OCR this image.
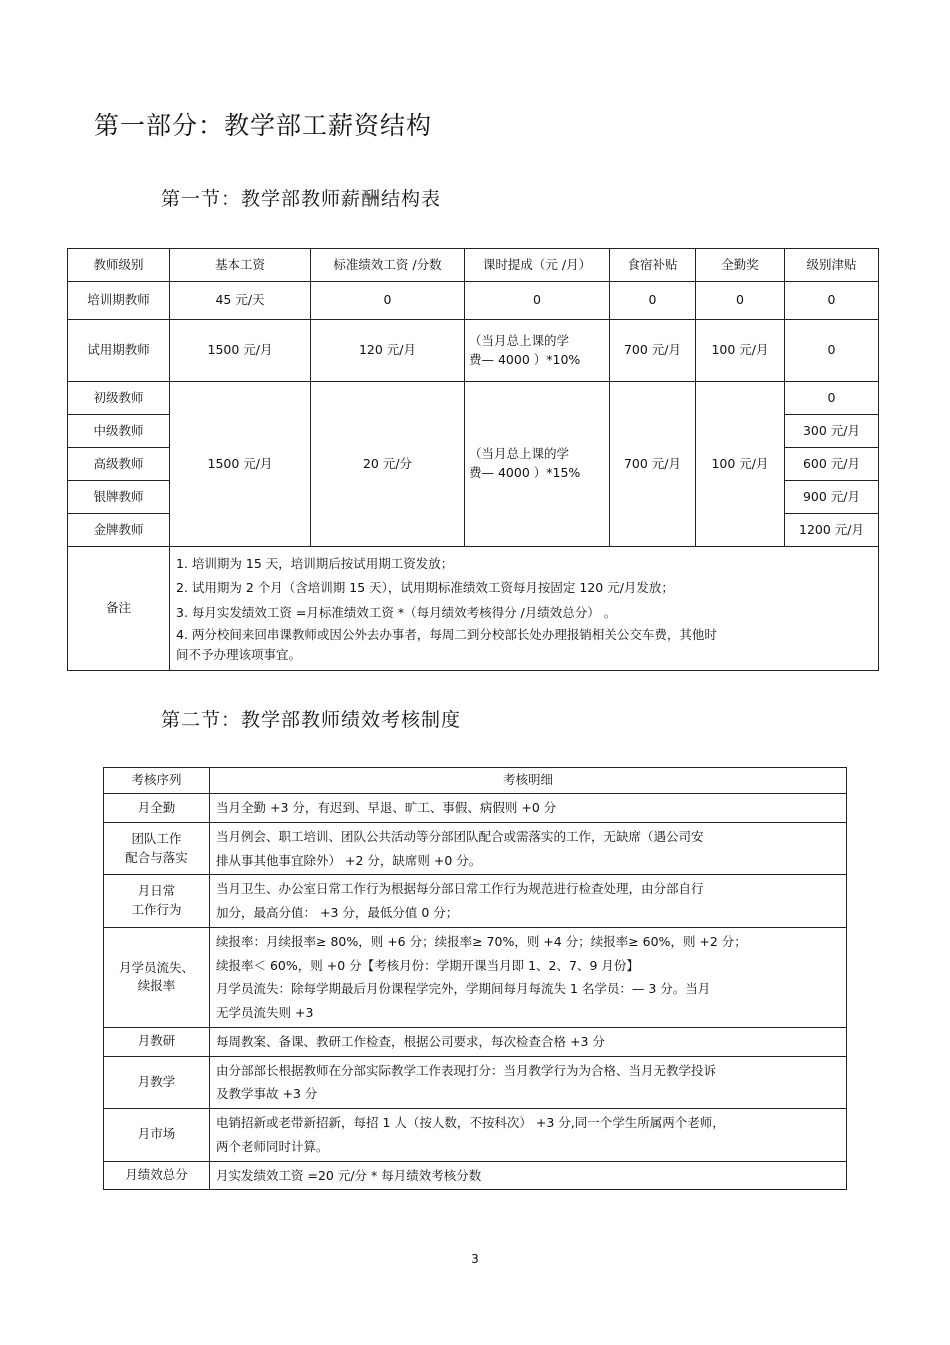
第一部分：教学部工薪资结构
第一节：教学部教师薪酬结构表
教师级别	基本工资	标准绩效工资 /分数	课时提成（元 /月）	食宿补贴	全勤奖	级别津贴
培训期教师	45 元/天	0	0	0	0	0
试用期教师	1500 元/月	120 元/月	（当月总上课的学
费— 4000 ）*10%	700 元/月	100 元/月	0
初级教师	1500 元/月	20 元/分	（当月总上课的学
费— 4000 ）*15%	700 元/月	100 元/月	0
中级教师						300 元/月
高级教师						600 元/月
银牌教师						900 元/月
金牌教师						1200 元/月
备注	1. 培训期为 15 天，培训期后按试用期工资发放；
2. 试用期为 2 个月（含培训期 15 天），试用期标准绩效工资每月按固定 120 元/月发放；
3. 每月实发绩效工资 =月标准绩效工资 *（每月绩效考核得分 /月绩效总分） 。
4. 两分校间来回串课教师或因公外去办事者，每周二到分校部长处办理报销相关公交车费，其他时
间不予办理该项事宜。					
第二节：教学部教师绩效考核制度
考核序列	考核明细

月全勤	当月全勤 +3 分，有迟到、早退、旷工、事假、病假则 +0 分

团队工作
配合与落实	当月例会、职工培训、团队公共活动等分部团队配合或需落实的工作，无缺席（遇公司安
排从事其他事宜除外） +2 分，缺席则 +0 分。

月日常
工作行为	当月卫生、办公室日常工作行为根据每分部日常工作行为规范进行检查处理，由分部自行
加分，最高分值： +3 分，最低分值 0 分；

月学员流失、
续报率	续报率：月续报率≥ 80%，则 +6 分；续报率≥ 70%，则 +4 分；续报率≥ 60%，则 +2 分；
续报率＜ 60%，则 +0 分【考核月份：学期开课当月即 1、2、7、9 月份】
月学员流失：除每学期最后月份课程学完外，学期间每月每流失 1 名学员：— 3 分。当月
无学员流失则 +3

月教研	每周教案、备课、教研工作检查，根据公司要求，每次检查合格 +3 分

月教学	由分部部长根据教师在分部实际教学工作表现打分：当月教学行为为合格、当月无教学投诉
及教学事故 +3 分

月市场	电销招新或老带新招新，每招 1 人（按人数，不按科次） +3 分,同一个学生所属两个老师，
两个老师同时计算。

月绩效总分	月实发绩效工资 =20 元/分 * 每月绩效考核分数
3
